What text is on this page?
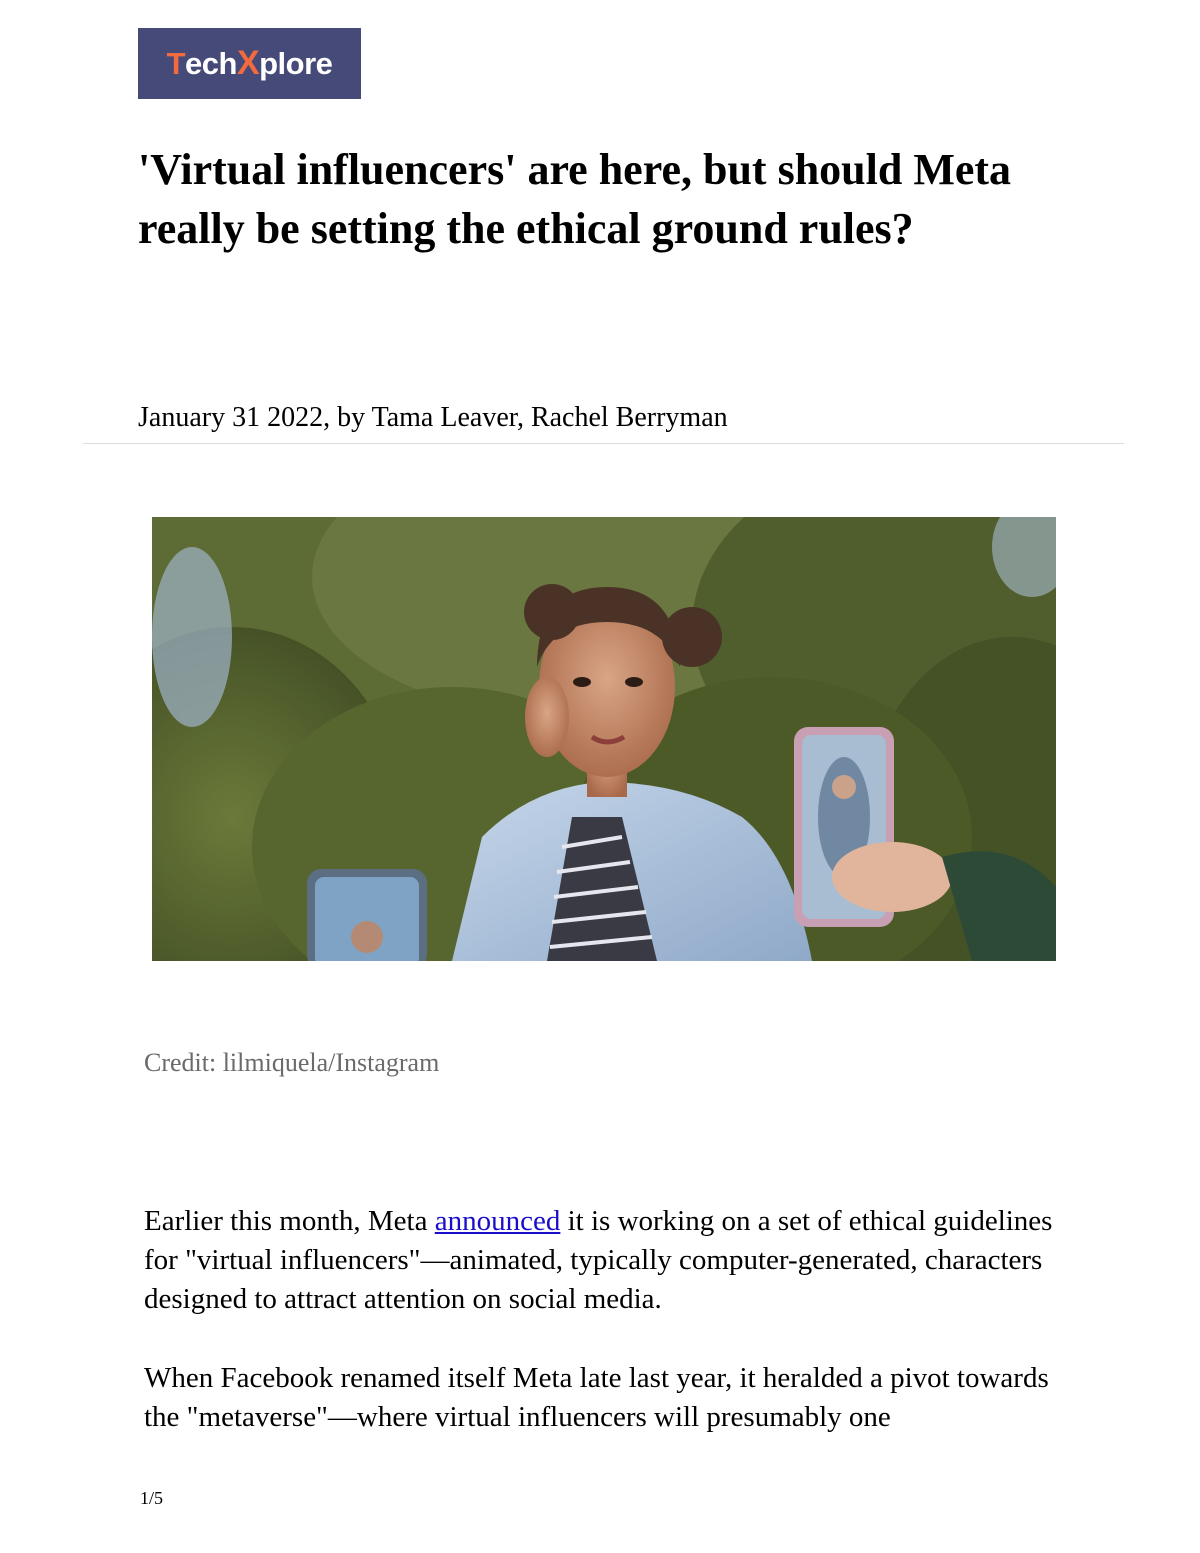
T ech X plore
'Virtual influencers' are here, but should Meta really be setting the ethical ground rules?

January 31 2022, by Tama Leaver, Rachel Berryman

Credit: lilmiquela/Instagram

Earlier this month, Meta announced it is working on a set of ethical guidelines for "virtual influencers"—animated, typically computer-generated, characters designed to attract attention on social media.

When Facebook renamed itself Meta late last year, it heralded a pivot towards the "metaverse"—where virtual influencers will presumably one

1/5
